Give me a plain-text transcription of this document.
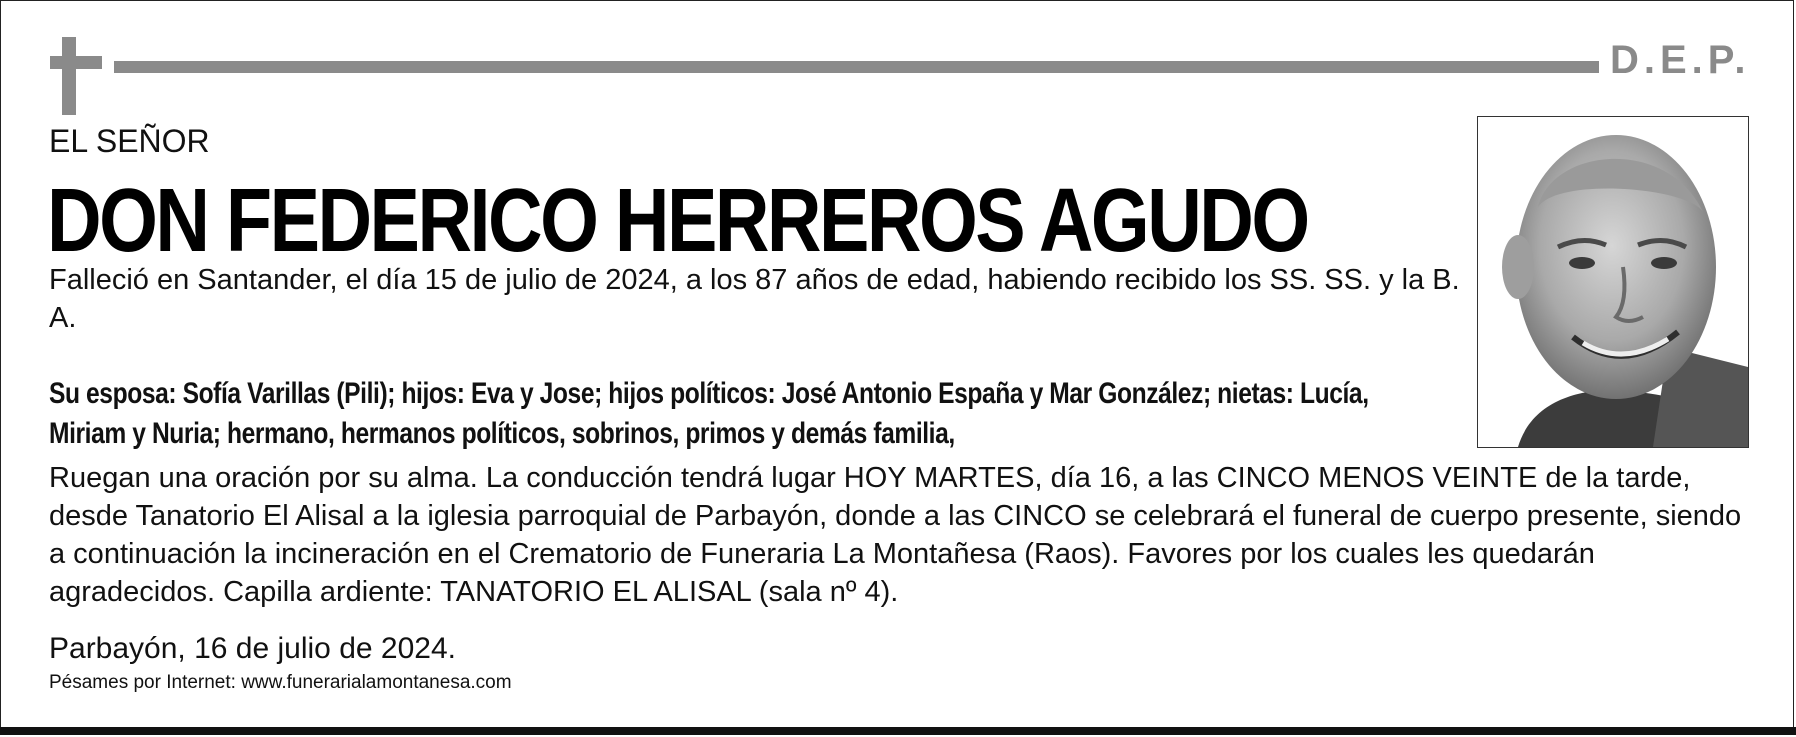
D.E.P.
EL SEÑOR
DON FEDERICO HERREROS AGUDO
Falleció en Santander, el día 15 de julio de 2024, a los 87 años de edad, habiendo recibido los SS. SS. y la B. A.
Su esposa: Sofía Varillas (Pili); hijos: Eva y Jose; hijos políticos: José Antonio España y Mar González; nietas: Lucía, Miriam y Nuria; hermano, hermanos políticos, sobrinos, primos y demás familia,
Ruegan una oración por su alma. La conducción tendrá lugar HOY MARTES, día 16, a las CINCO MENOS VEINTE de la tarde, desde Tanatorio El Alisal a la iglesia parroquial de Parbayón, donde a las CINCO se celebrará el funeral de cuerpo presente, siendo a continuación la incineración en el Crematorio de Funeraria La Montañesa (Raos). Favores por los cuales les quedarán agradecidos. Capilla ardiente: TANATORIO EL ALISAL (sala nº 4).
Parbayón, 16 de julio de 2024.
Pésames por Internet: www.funerarialamontanesa.com
